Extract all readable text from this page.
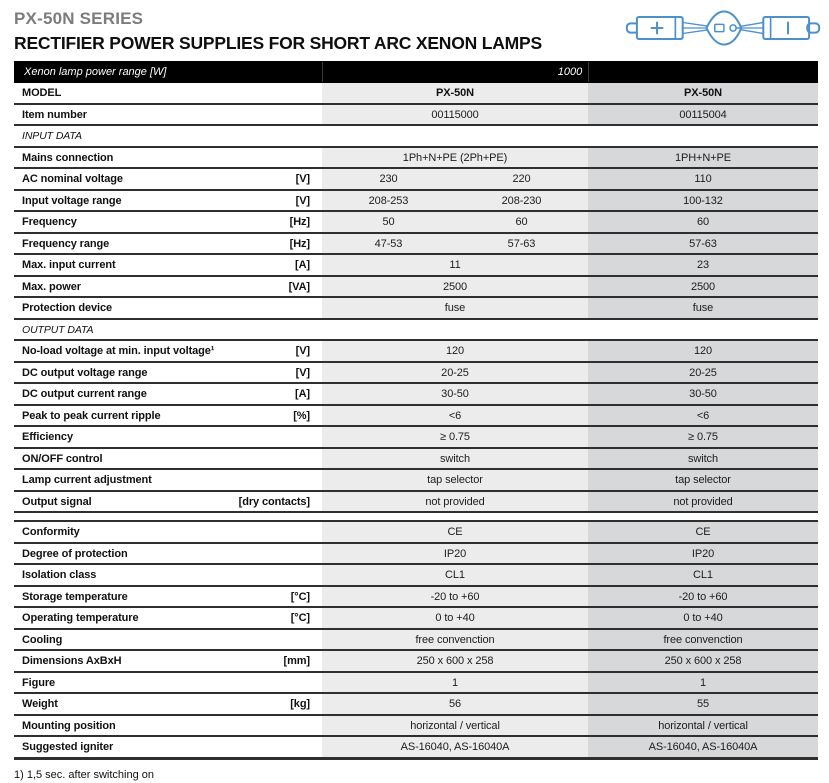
PX-50N SERIES
RECTIFIER POWER SUPPLIES FOR SHORT ARC XENON LAMPS
Xenon lamp power range [W]	1000
MODEL	PX-50N	PX-50N
Item number	00115000	00115004
INPUT DATA
Mains connection	1Ph+N+PE (2Ph+PE)	1PH+N+PE
AC nominal voltage	[V]	230	220	110
Input voltage range	[V]	208-253	208-230	100-132
Frequency	[Hz]	50	60	60
Frequency range	[Hz]	47-53	57-63	57-63
Max. input current	[A]	11	23
Max. power	[VA]	2500	2500
Protection device	fuse	fuse
OUTPUT DATA
No-load voltage at min. input voltage¹	[V]	120	120
DC output voltage range	[V]	20-25	20-25
DC output current range	[A]	30-50	30-50
Peak to peak current ripple	[%]	<6	<6
Efficiency	≥ 0.75	≥ 0.75
ON/OFF control	switch	switch
Lamp current adjustment	tap selector	tap selector
Output signal	[dry contacts]	not provided	not provided
Conformity	CE	CE
Degree of protection	IP20	IP20
Isolation class	CL1	CL1
Storage temperature	[°C]	-20 to +60	-20 to +60
Operating temperature	[°C]	0 to +40	0 to +40
Cooling	free convenction	free convenction
Dimensions AxBxH	[mm]	250 x 600 x 258	250 x 600 x 258
Figure	1	1
Weight	[kg]	56	55
Mounting position	horizontal / vertical	horizontal / vertical
Suggested igniter	AS-16040, AS-16040A	AS-16040, AS-16040A
1) 1,5 sec. after switching on
